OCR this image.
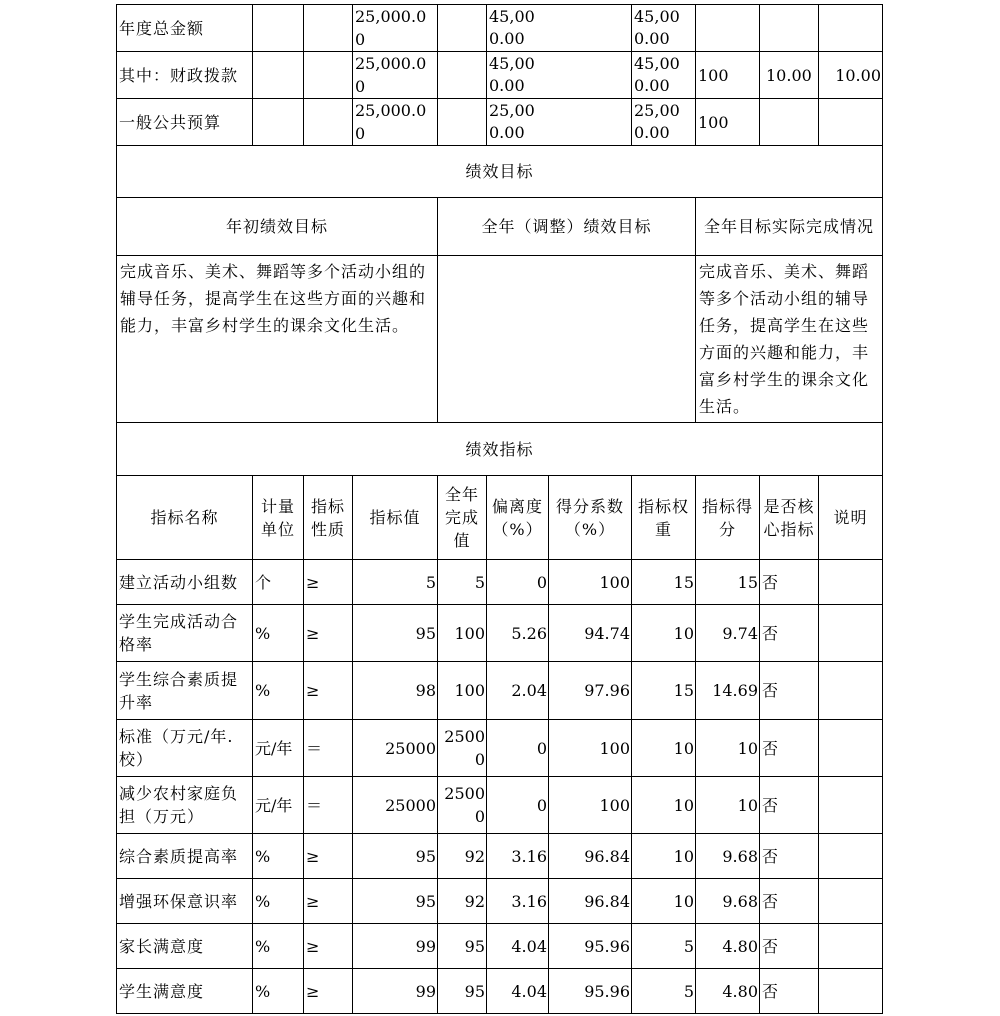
年度总金额			25,000.00		45,000.00		45,000.00			

其中：财政拨款			25,000.00		45,000.00		45,000.00	100	10.00	10.00
一般公共预算			25,000.00		25,000.00		25,000.00	100		
绩效目标										
年初绩效目标				全年（调整）绩效目标				全年目标实际完成情况		
完成音乐、美术、舞蹈等多个活动小组的辅导任务，提高学生在这些方面的兴趣和能力，丰富乡村学生的课余文化生活。								完成音乐、美术、舞蹈等多个活动小组的辅导任务，提高学生在这些方面的兴趣和能力，丰富乡村学生的课余文化生活。		
绩效指标										
指标名称	计量单位	指标性质	指标值	全年完成值	偏离度（%）	得分系数（%）	指标权重	指标得分	是否核心指标	说明
建立活动小组数	个	≥	5	5	0	100	15	15	否	
学生完成活动合格率	%	≥	95	100	5.26	94.74	10	9.74	否	
学生综合素质提升率	%	≥	98	100	2.04	97.96	15	14.69	否	
标准（万元/年.校）	元/年	＝	25000	25000	0	100	10	10	否	
减少农村家庭负担（万元）	元/年	＝	25000	25000	0	100	10	10	否	
综合素质提高率	%	≥	95	92	3.16	96.84	10	9.68	否	
增强环保意识率	%	≥	95	92	3.16	96.84	10	9.68	否	
家长满意度	%	≥	99	95	4.04	95.96	5	4.80	否	
学生满意度	%	≥	99	95	4.04	95.96	5	4.80	否	
